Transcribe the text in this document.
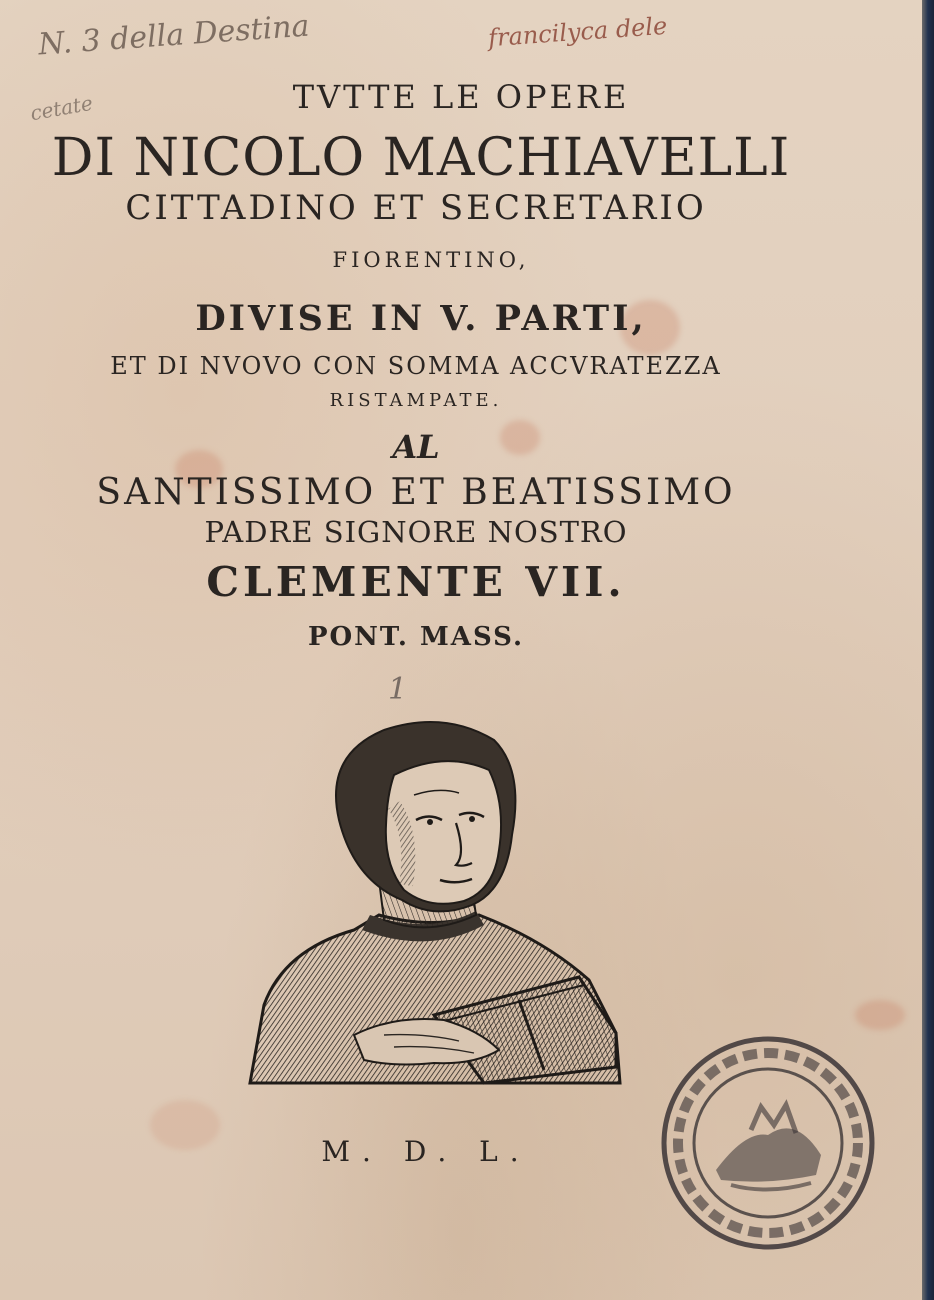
N. 3 della Destina	francilyca dele
cetate	TVTTE LE OPERE

DI NICOLO MACHIAVELLI

CITTADINO ET SECRETARIO

FIORENTINO,

DIVISE IN V. PARTI,

ET DI NVOVO CON SOMMA ACCVRATEZZA

RISTAMPATE.

AL

SANTISSIMO ET BEATISSIMO

PADRE SIGNORE NOSTRO

CLEMENTE VII.

PONT. MASS.

1

M. D. L.
